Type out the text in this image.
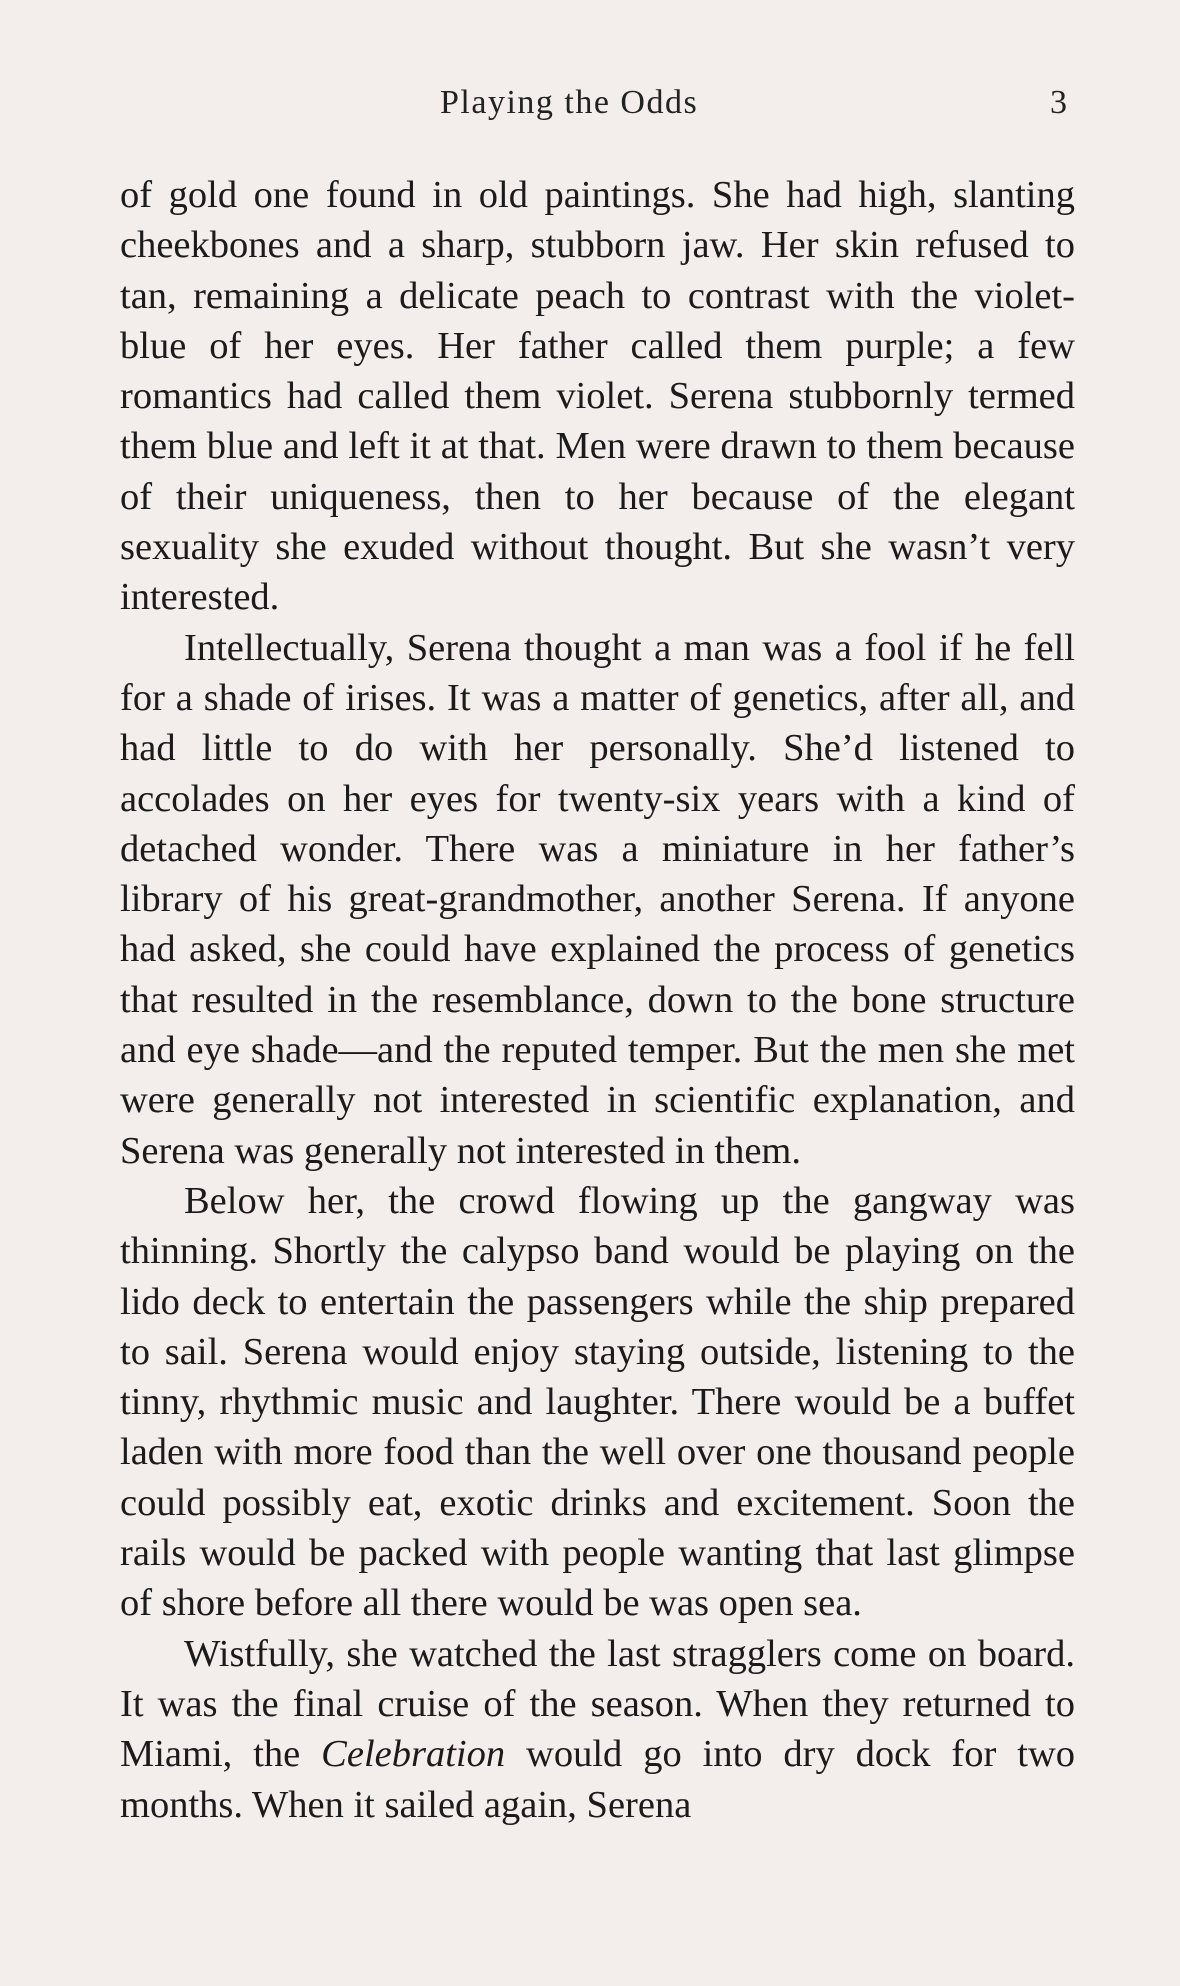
Playing the Odds	3

of gold one found in old paintings. She had high, slanting cheekbones and a sharp, stubborn jaw. Her skin refused to tan, remaining a delicate peach to contrast with the violet-blue of her eyes. Her father called them purple; a few romantics had called them violet. Serena stubbornly termed them blue and left it at that. Men were drawn to them because of their uniqueness, then to her because of the elegant sexuality she exuded without thought. But she wasn’t very interested.

Intellectually, Serena thought a man was a fool if he fell for a shade of irises. It was a matter of genetics, after all, and had little to do with her personally. She’d listened to accolades on her eyes for twenty-six years with a kind of detached wonder. There was a miniature in her father’s library of his great-grandmother, another Serena. If anyone had asked, she could have explained the process of genetics that resulted in the resemblance, down to the bone structure and eye shade—and the reputed temper. But the men she met were generally not interested in scientific explanation, and Serena was generally not interested in them.

Below her, the crowd flowing up the gangway was thinning. Shortly the calypso band would be playing on the lido deck to entertain the passengers while the ship prepared to sail. Serena would enjoy staying outside, listening to the tinny, rhythmic music and laughter. There would be a buffet laden with more food than the well over one thousand people could possibly eat, exotic drinks and excitement. Soon the rails would be packed with people wanting that last glimpse of shore before all there would be was open sea.

Wistfully, she watched the last stragglers come on board. It was the final cruise of the season. When they returned to Miami, the Celebration would go into dry dock for two months. When it sailed again, Serena
